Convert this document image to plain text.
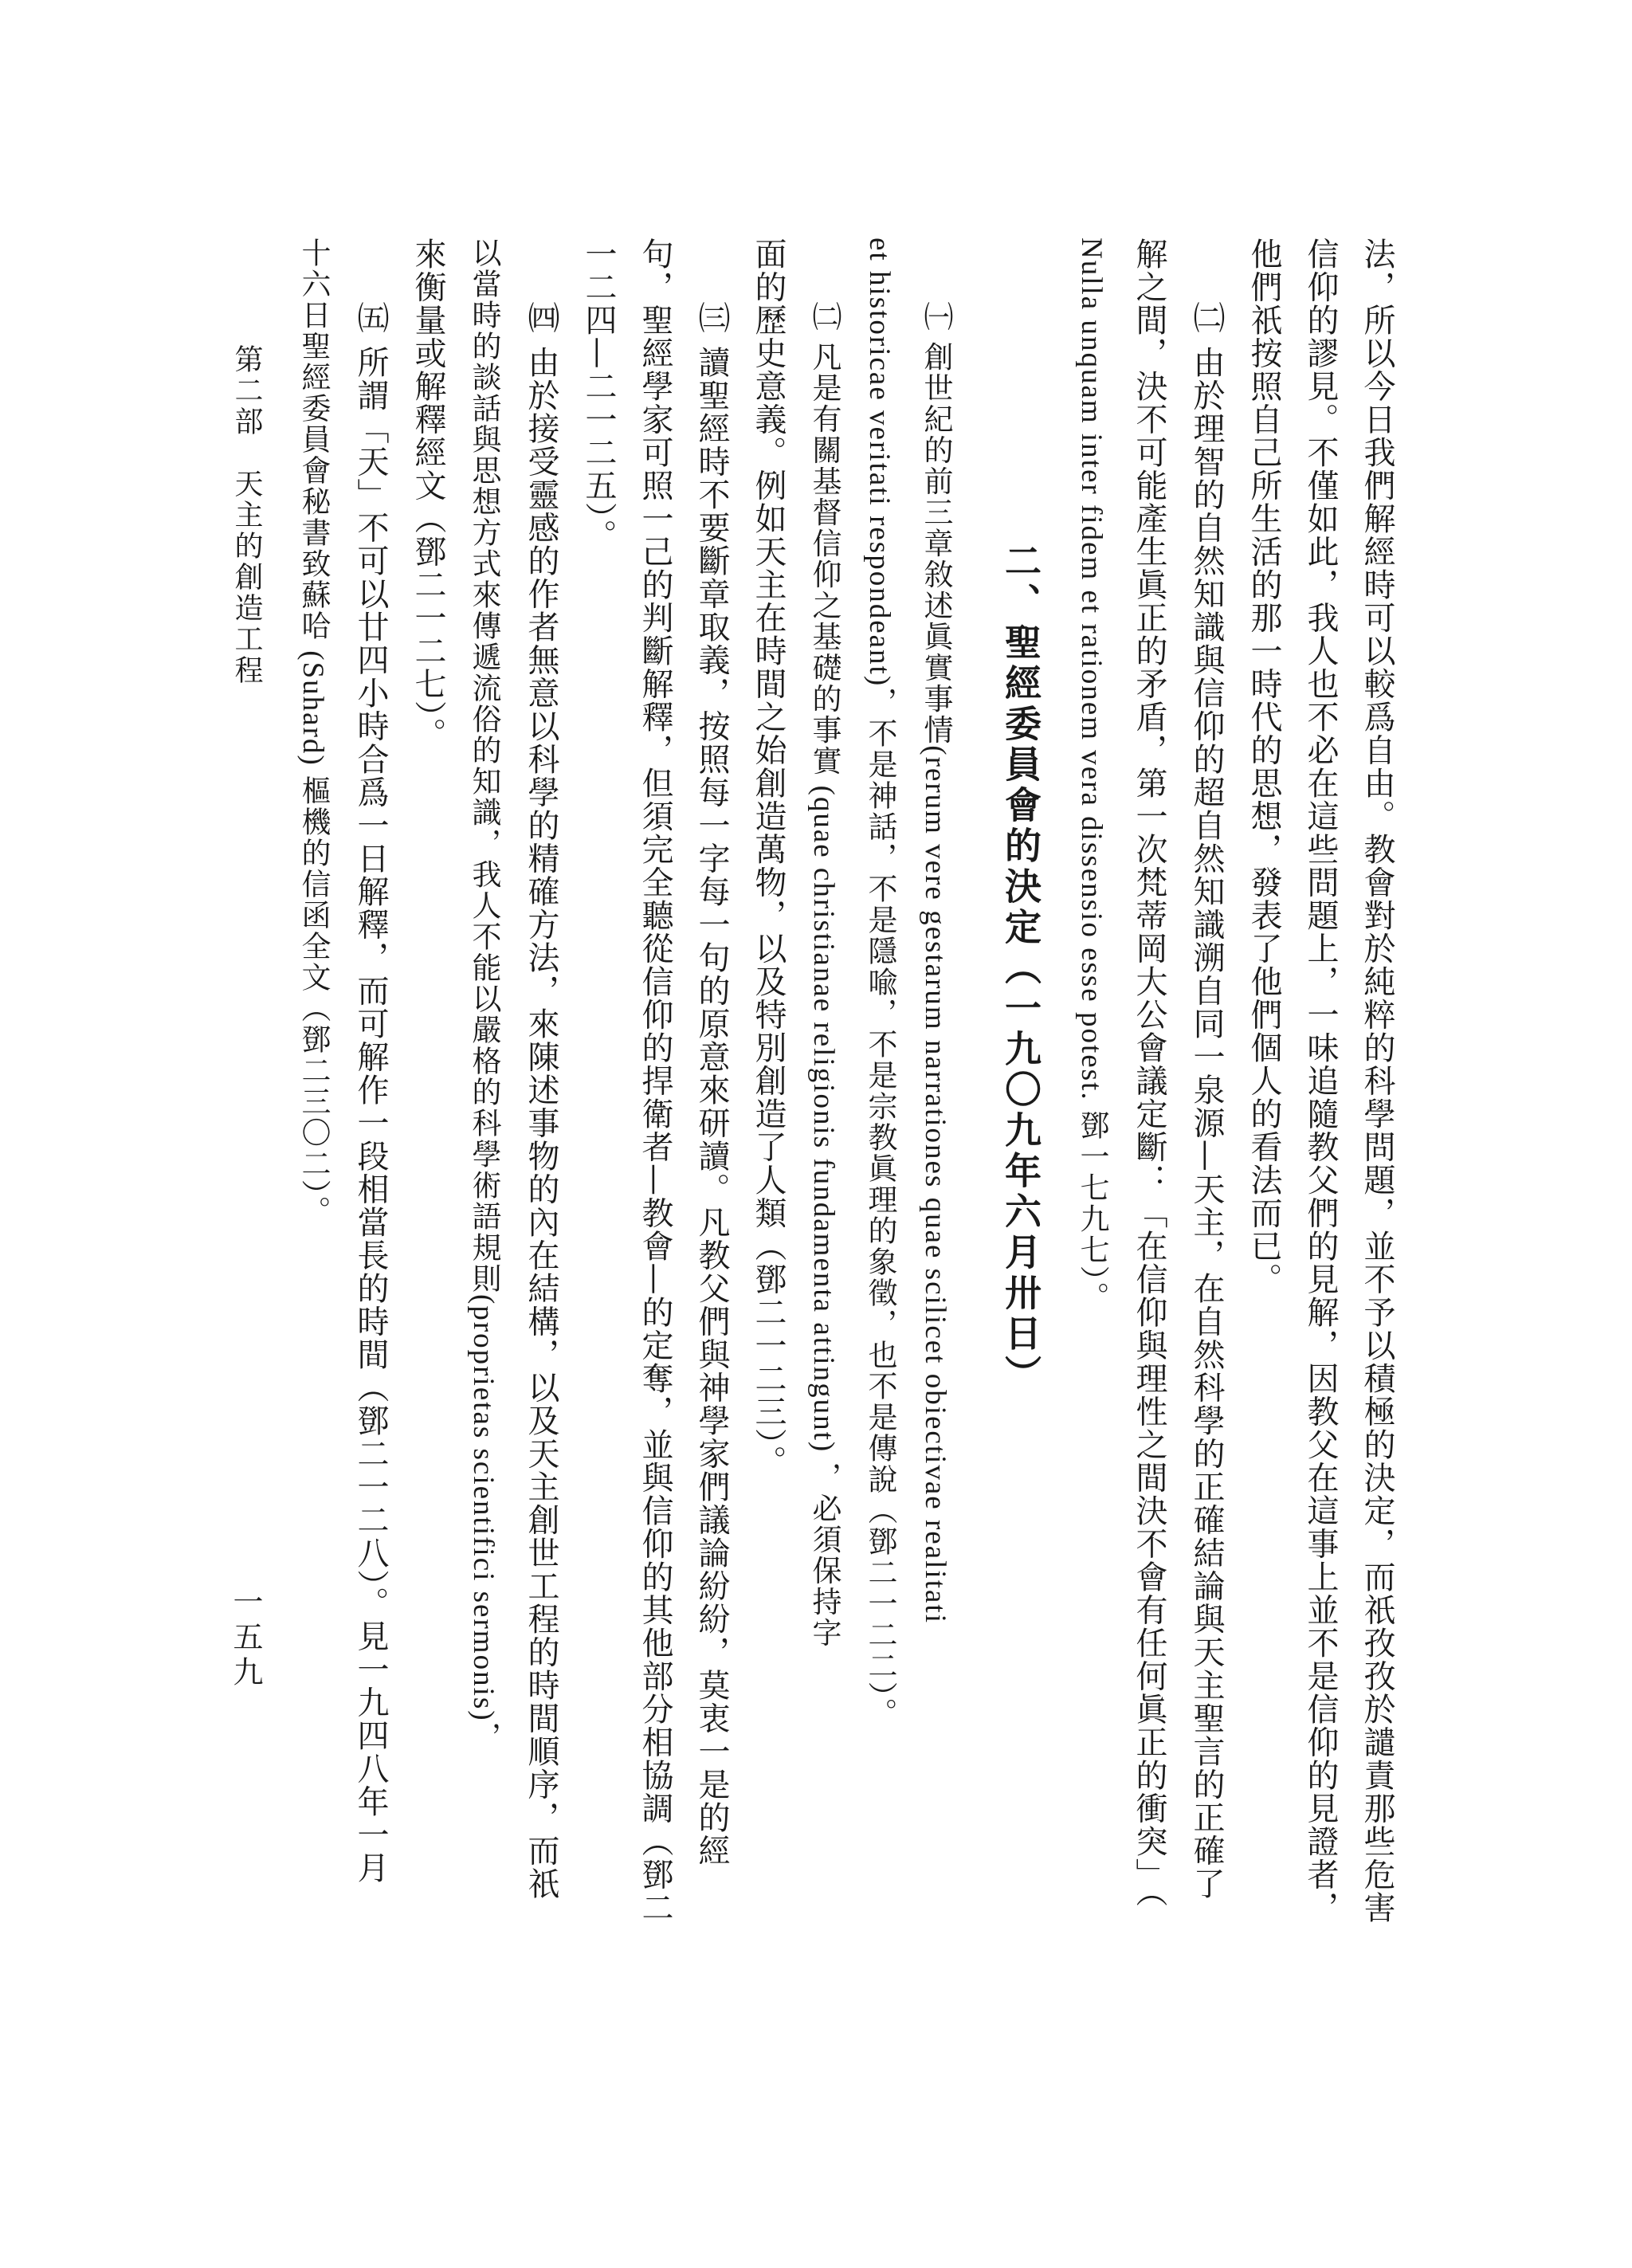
法，所以今日我們解經時可以較爲自由。教會對於純粹的科學問題，並不予以積極的決定，而祇孜孜於譴責那些危害
信仰的謬見。不僅如此，我人也不必在這些問題上，一味追隨教父們的見解，因教父在這事上並不是信仰的見證者，
他們祇按照自己所生活的那一時代的思想，發表了他們個人的看法而已。
㈡ 由於理智的自然知識與信仰的超自然知識溯自同一泉源—天主，在自然科學的正確結論與天主聖言的正確了
解之間，決不可能產生眞正的矛盾，第一次梵蒂岡大公會議定斷：「在信仰與理性之間決不會有任何眞正的衝突」（
Nulla unquam inter fidem et rationem vera dissensio esse potest. 鄧一七九七）。
二、聖經委員會的決定（一九〇九年六月卅日）
㈠ 創世紀的前三章敘述眞實事情(rerum vere gestarum narrationes quae scilicet obiectivae realitati
et historicae veritati respondeant)，不是神話，不是隱喩，不是宗教眞理的象徵，也不是傳說（鄧二一二二）。
㈡ 凡是有關基督信仰之基礎的事實 (quae christianae religionis fundamenta attingunt) ，必須保持字
面的歷史意義。例如天主在時間之始創造萬物，以及特別創造了人類（鄧二一二三）。
㈢ 讀聖經時不要斷章取義，按照每一字每一句的原意來研讀。凡教父們與神學家們議論紛紛，莫衷一是的經
句，聖經學家可照一己的判斷解釋，但須完全聽從信仰的捍衛者—教會—的定奪，並與信仰的其他部分相協調（鄧二
一二四—二一二五）。
㈣ 由於接受靈感的作者無意以科學的精確方法，來陳述事物的內在結構，以及天主創世工程的時間順序，而祇
以當時的談話與思想方式來傳遞流俗的知識，我人不能以嚴格的科學術語規則(proprietas scientifici sermonis)，
來衡量或解釋經文（鄧二一二七）。
㈤ 所謂「天」不可以廿四小時合爲一日解釋，而可解作一段相當長的時間（鄧二一二八）。見一九四八年一月
十六日聖經委員會秘書致蘇哈 (Suhard) 樞機的信函全文（鄧二三〇二）。
第二部　天主的創造工程
一五九
